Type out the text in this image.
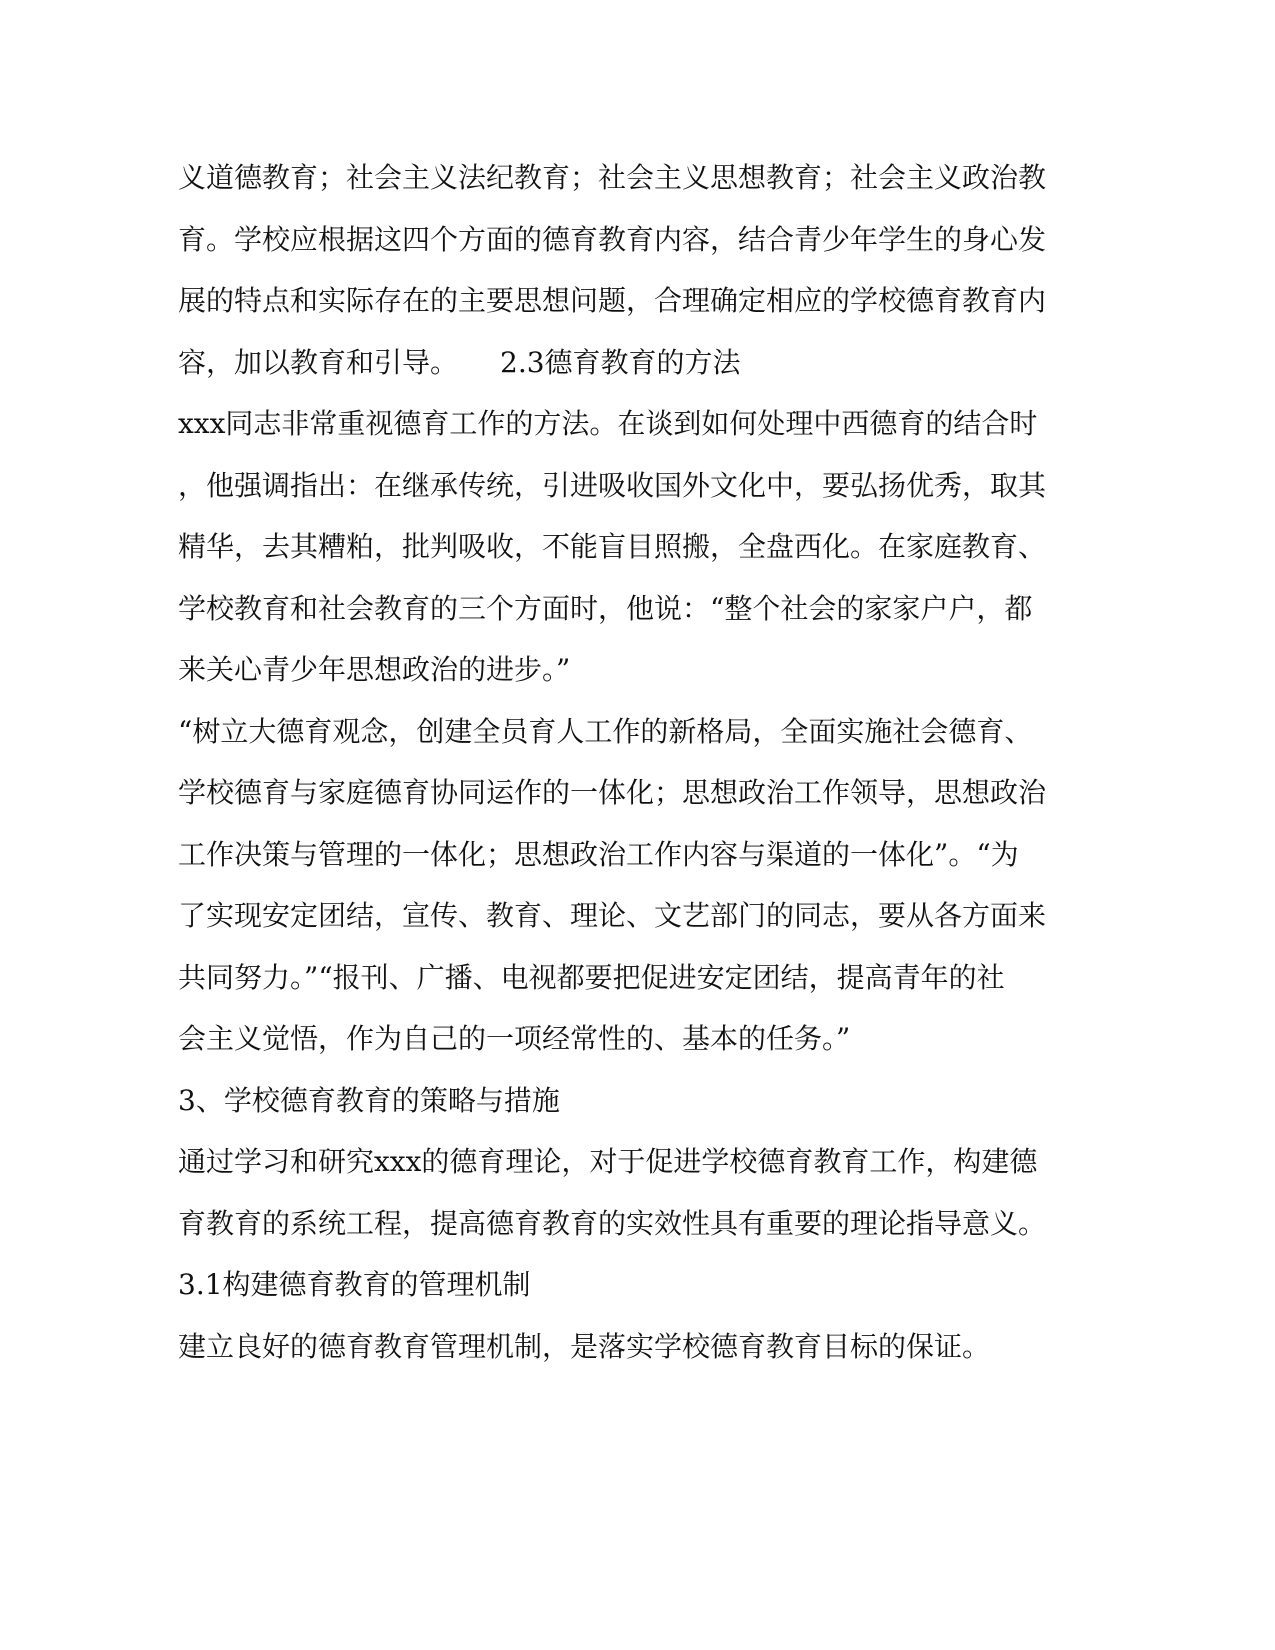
义道德教育；社会主义法纪教育；社会主义思想教育；社会主义政治教
育。学校应根据这四个方面的德育教育内容，结合青少年学生的身心发
展的特点和实际存在的主要思想问题，合理确定相应的学校德育教育内
容，加以教育和引导。　　2.3德育教育的方法
xxx同志非常重视德育工作的方法。在谈到如何处理中西德育的结合时
，他强调指出：在继承传统，引进吸收国外文化中，要弘扬优秀，取其
精华，去其糟粕，批判吸收，不能盲目照搬，全盘西化。在家庭教育、
学校教育和社会教育的三个方面时，他说：“整个社会的家家户户，都
来关心青少年思想政治的进步。”
“树立大德育观念，创建全员育人工作的新格局，全面实施社会德育、
学校德育与家庭德育协同运作的一体化；思想政治工作领导，思想政治
工作决策与管理的一体化；思想政治工作内容与渠道的一体化”。“为
了实现安定团结，宣传、教育、理论、文艺部门的同志，要从各方面来
共同努力。”“报刊、广播、电视都要把促进安定团结，提高青年的社
会主义觉悟，作为自己的一项经常性的、基本的任务。”
3、学校德育教育的策略与措施
通过学习和研究xxx的德育理论，对于促进学校德育教育工作，构建德
育教育的系统工程，提高德育教育的实效性具有重要的理论指导意义。
3.1构建德育教育的管理机制
建立良好的德育教育管理机制，是落实学校德育教育目标的保证。
